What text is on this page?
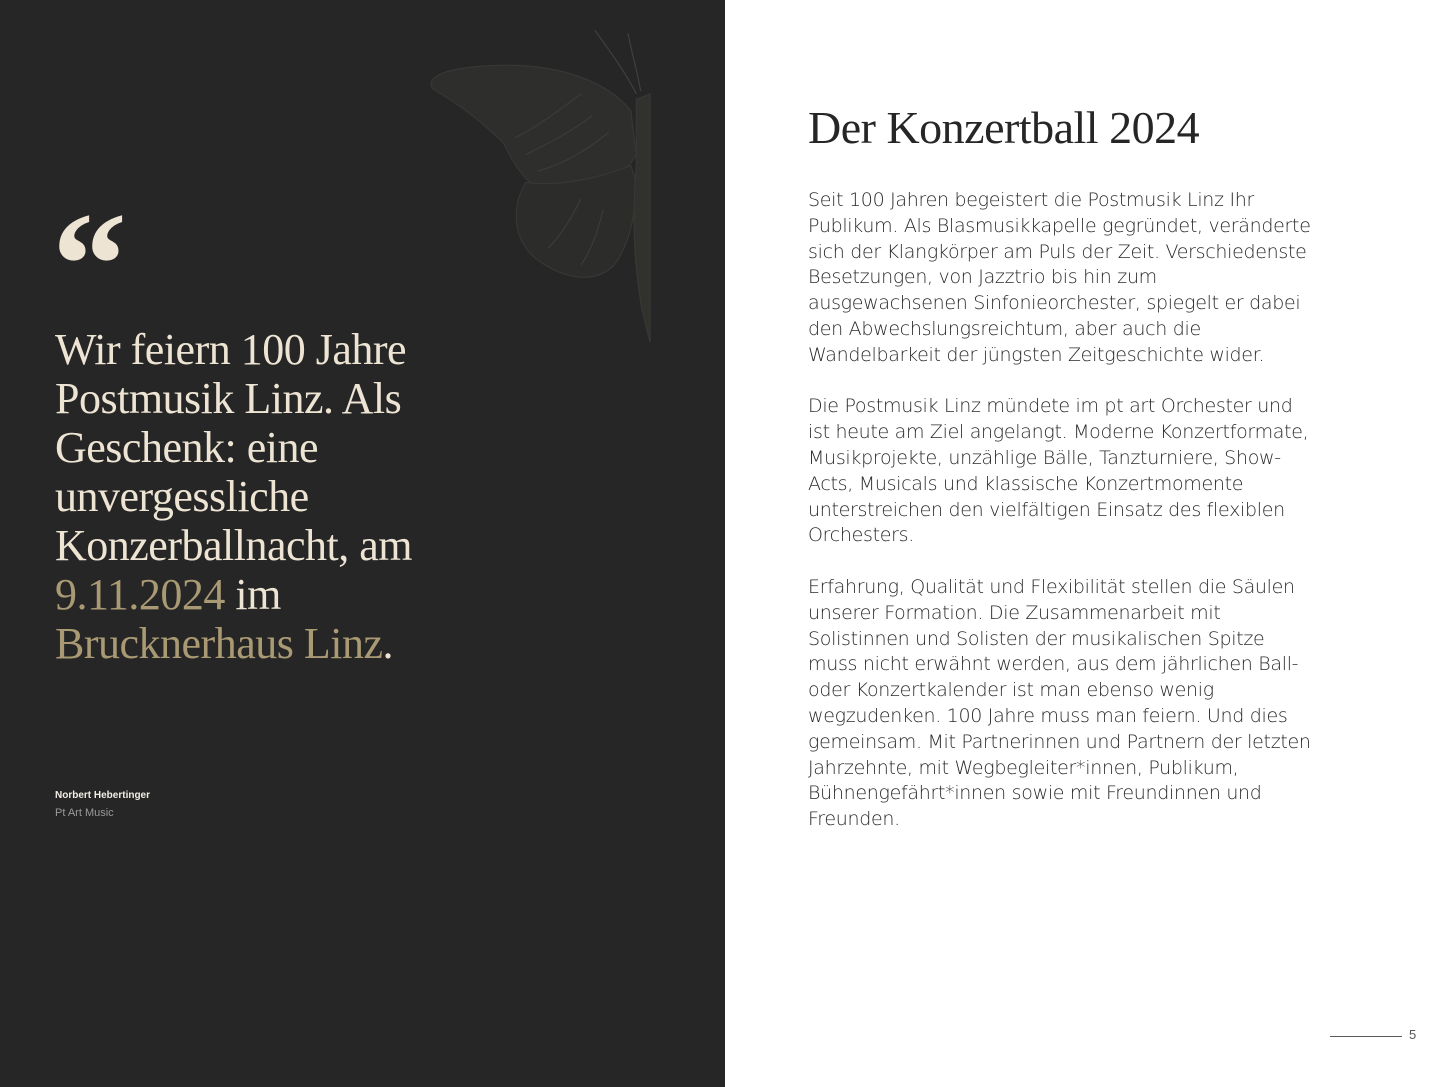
“

Wir feiern 100 Jahre Postmusik Linz. Als Geschenk: eine unvergessliche Konzerballnacht, am 9.11.2024 im Brucknerhaus Linz.

Norbert Hebertinger
Pt Art Music
Der Konzertball 2024

Seit 100 Jahren begeistert die Postmusik Linz Ihr Publikum. Als Blasmusikkapelle gegründet, veränderte sich der Klangkörper am Puls der Zeit. Verschiedenste Besetzungen, von Jazztrio bis hin zum ausgewachsenen Sinfonieorchester, spiegelt er dabei den Abwechslungsreichtum, aber auch die Wandelbarkeit der jüngsten Zeitgeschichte wider.

Die Postmusik Linz mündete im pt art Orchester und ist heute am Ziel angelangt. Moderne Konzertformate, Musikprojekte, unzählige Bälle, Tanzturniere, Show-Acts, Musicals und klassische Konzertmomente unterstreichen den vielfältigen Einsatz des flexiblen Orchesters.

Erfahrung, Qualität und Flexibilität stellen die Säulen unserer Formation. Die Zusammenarbeit mit Solistinnen und Solisten der musikalischen Spitze muss nicht erwähnt werden, aus dem jährlichen Ball- oder Konzertkalender ist man ebenso wenig wegzudenken. 100 Jahre muss man feiern. Und dies gemeinsam. Mit Partnerinnen und Partnern der letzten Jahrzehnte, mit Wegbegleiter*innen, Publikum, Bühnengefährt*innen sowie mit Freundinnen und Freunden.

5
